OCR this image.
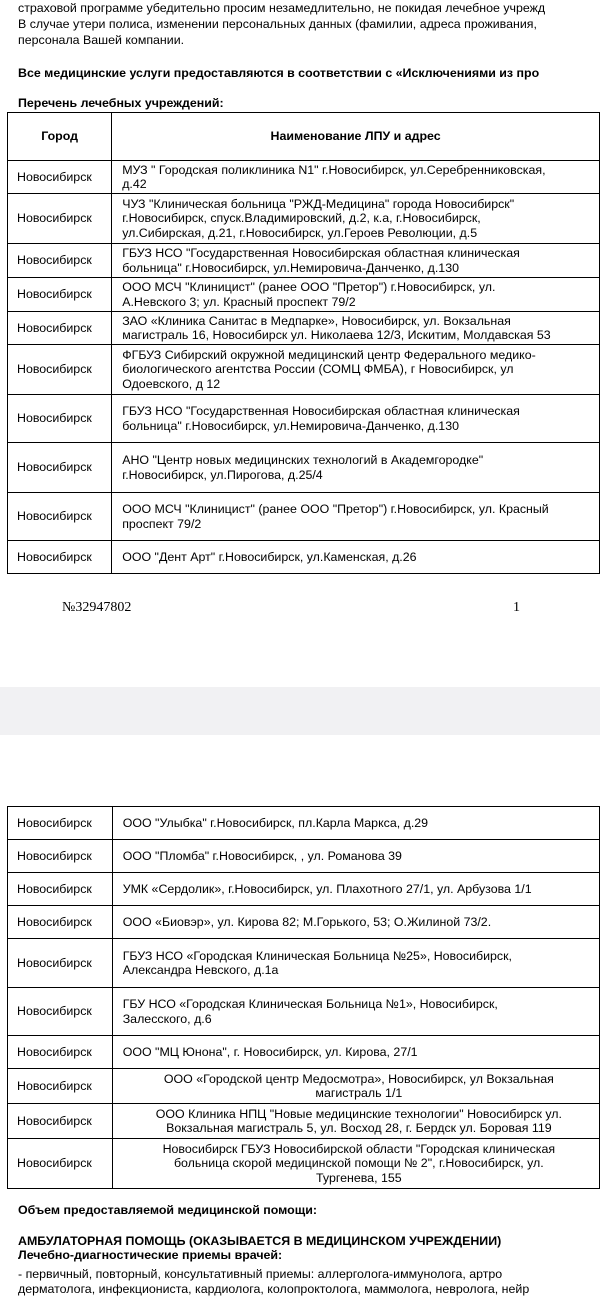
страховой программе убедительно просим незамедлительно, не покидая лечебное учрежд
В случае утери полиса, изменении персональных данных (фамилии, адреса проживания,
персонала Вашей компании.
Все медицинские услуги предоставляются в соответствии с «Исключениями из про
Перечень лечебных учреждений:
Город	Наименование ЛПУ и адрес
Новосибирск	МУЗ " Городская поликлиника N1" г.Новосибирск, ул.Серебренниковская,
д.42

Новосибирск	ЧУЗ "Клиническая больница "РЖД-Медицина" города Новосибирск"
г.Новосибирск, спуск.Владимировский, д.2, к.а, г.Новосибирск,
ул.Сибирская, д.21, г.Новосибирск, ул.Героев Революции, д.5

Новосибирск	ГБУЗ НСО "Государственная Новосибирская областная клиническая
больница" г.Новосибирск, ул.Немировича-Данченко, д.130

Новосибирск	ООО МСЧ "Клиницист" (ранее ООО "Претор") г.Новосибирск, ул.
А.Невского 3; ул. Красный проспект 79/2

Новосибирск	ЗАО «Клиника Санитас в Медпарке», Новосибирск, ул. Вокзальная
магистраль 16, Новосибирск ул. Николаева 12/3, Искитим, Молдавская 53

Новосибирск	ФГБУЗ Сибирский окружной медицинский центр Федерального медико-
биологического агентства России (СОМЦ ФМБА), г Новосибирск, ул
Одоевского, д 12

Новосибирск	ГБУЗ НСО "Государственная Новосибирская областная клиническая
больница" г.Новосибирск, ул.Немировича-Данченко, д.130

Новосибирск	АНО "Центр новых медицинских технологий в Академгородке"
г.Новосибирск, ул.Пирогова, д.25/4

Новосибирск	ООО МСЧ "Клиницист" (ранее ООО "Претор") г.Новосибирск, ул. Красный
проспект 79/2

Новосибирск	ООО "Дент Арт" г.Новосибирск, ул.Каменская, д.26
№32947802	1
Новосибирск	ООО "Улыбка" г.Новосибирск, пл.Карла Маркса, д.29

Новосибирск	ООО "Пломба" г.Новосибирск, , ул. Романова 39

Новосибирск	УМК «Сердолик», г.Новосибирск, ул. Плахотного 27/1, ул. Арбузова 1/1

Новосибирск	ООО «Биовэр», ул. Кирова 82; М.Горького, 53; О.Жилиной 73/2.

Новосибирск	ГБУЗ НСО «Городская Клиническая Больница №25», Новосибирск,
Александра Невского, д.1а

Новосибирск	ГБУ НСО «Городская Клиническая Больница №1», Новосибирск,
Залесского, д.6

Новосибирск	ООО "МЦ Юнона", г. Новосибирск, ул. Кирова, 27/1

Новосибирск	ООО «Городской центр Медосмотра», Новосибирск, ул Вокзальная
магистраль 1/1

Новосибирск	ООО Клиника НПЦ "Новые медицинские технологии" Новосибирск ул.
Вокзальная магистраль 5, ул. Восход 28, г. Бердск ул. Боровая 119

Новосибирск	Новосибирск ГБУЗ Новосибирской области "Городская клиническая
больница скорой медицинской помощи № 2", г.Новосибирск, ул.
Тургенева, 155
Объем предоставляемой медицинской помощи:
АМБУЛАТОРНАЯ ПОМОЩЬ (ОКАЗЫВАЕТСЯ В МЕДИЦИНСКОМ УЧРЕЖДЕНИИ)
Лечебно-диагностические приемы врачей:
- первичный, повторный, консультативный приемы: аллерголога-иммунолога, артро
дерматолога, инфекциониста, кардиолога, колопроктолога, маммолога, невролога, нейр
